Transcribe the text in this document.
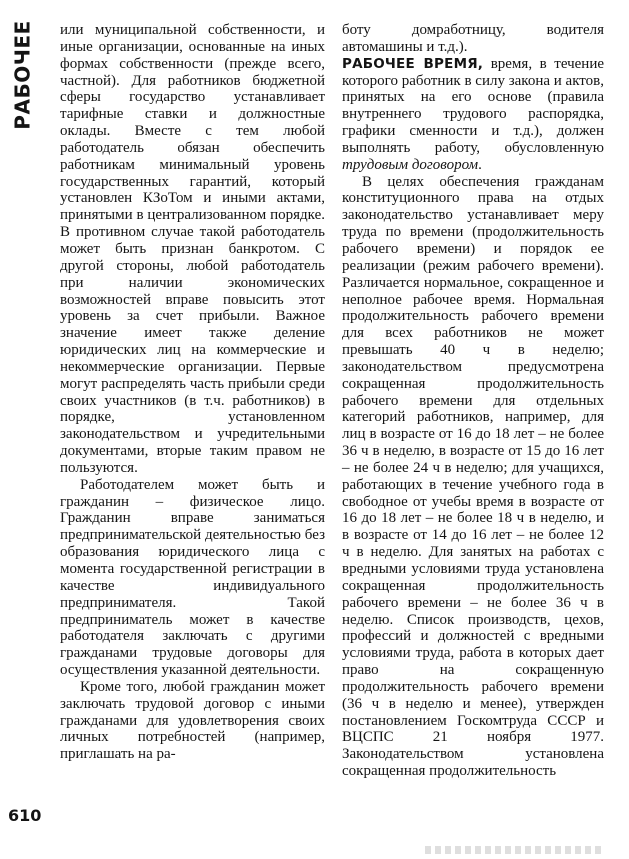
РАБОЧЕЕ
610

или муниципальной собственности, и иные организации, основанные на иных формах собственности (прежде всего, частной). Для работников бюджетной сферы государство устанавливает тарифные ставки и должностные оклады. Вместе с тем любой работодатель обязан обеспечить работникам минимальный уровень государственных гарантий, который установлен КЗоТом и иными актами, принятыми в централизованном порядке. В противном случае такой работодатель может быть признан банкротом. С другой стороны, любой работодатель при наличии экономических возможностей вправе повысить этот уровень за счет прибыли. Важное значение имеет также деление юридических лиц на коммерческие и некоммерческие организации. Первые могут распределять часть прибыли среди своих участников (в т.ч. работников) в порядке, установленном законодательством и учредительными документами, вторые таким правом не пользуются.

Работодателем может быть и гражданин – физическое лицо. Гражданин вправе заниматься предпринимательской деятельностью без образования юридического лица с момента государственной регистрации в качестве индивидуального предпринимателя. Такой предприниматель может в качестве работодателя заключать с другими гражданами трудовые договоры для осуществления указанной деятельности.

Кроме того, любой гражданин может заключать трудовой договор с иными гражданами для удовлетворения своих личных потребностей (например, приглашать на ра-

боту домработницу, водителя автомашины и т.д.).

РАБОЧЕЕ ВРЕМЯ, время, в течение которого работник в силу закона и актов, принятых на его основе (правила внутреннего трудового распорядка, графики сменности и т.д.), должен выполнять работу, обусловленную трудовым договором.

В целях обеспечения гражданам конституционного права на отдых законодательство устанавливает меру труда по времени (продолжительность рабочего времени) и порядок ее реализации (режим рабочего времени). Различается нормальное, сокращенное и неполное рабочее время. Нормальная продолжительность рабочего времени для всех работников не может превышать 40 ч в неделю; законодательством предусмотрена сокращенная продолжительность рабочего времени для отдельных категорий работников, например, для лиц в возрасте от 16 до 18 лет – не более 36 ч в неделю, в возрасте от 15 до 16 лет – не более 24 ч в неделю; для учащихся, работающих в течение учебного года в свободное от учебы время в возрасте от 16 до 18 лет – не более 18 ч в неделю, и в возрасте от 14 до 16 лет – не более 12 ч в неделю. Для занятых на работах с вредными условиями труда установлена сокращенная продолжительность рабочего времени – не более 36 ч в неделю. Список производств, цехов, профессий и должностей с вредными условиями труда, работа в которых дает право на сокращенную продолжительность рабочего времени (36 ч в неделю и менее), утвержден постановлением Госкомтруда СССР и ВЦСПС 21 ноября 1977. Законодательством установлена сокращенная продолжительность
